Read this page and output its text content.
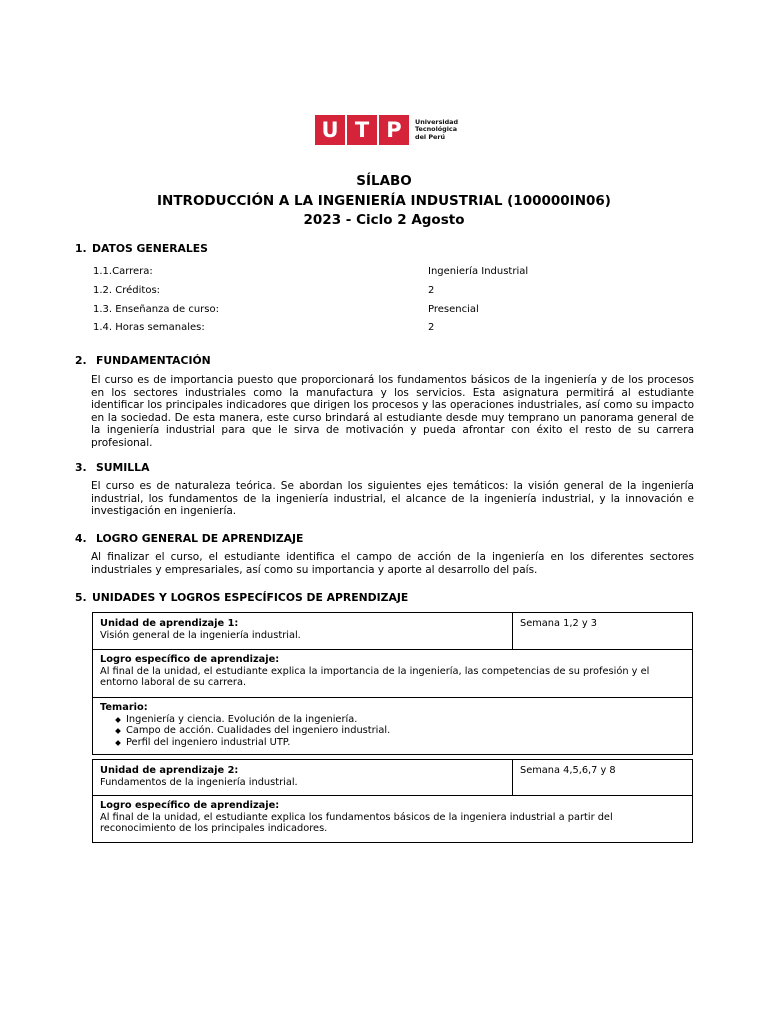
U T P	Universidad
Tecnológica
del Perú
SÍLABO
INTRODUCCIÓN A LA INGENIERÍA INDUSTRIAL (100000IN06)
2023 - Ciclo 2 Agosto
1. DATOS GENERALES
1.1.Carrera:	Ingeniería Industrial
1.2. Créditos:	2
1.3. Enseñanza de curso:	Presencial
1.4. Horas semanales:	2
2. FUNDAMENTACIÓN
El curso es de importancia puesto que proporcionará los fundamentos básicos de la ingeniería y de los procesos en los sectores industriales como la manufactura y los servicios. Esta asignatura permitirá al estudiante identificar los principales indicadores que dirigen los procesos y las operaciones industriales, así como su impacto en la sociedad. De esta manera, este curso brindará al estudiante desde muy temprano un panorama general de la ingeniería industrial para que le sirva de motivación y pueda afrontar con éxito el resto de su carrera profesional.
3. SUMILLA
El curso es de naturaleza teórica. Se abordan los siguientes ejes temáticos: la visión general de la ingeniería industrial, los fundamentos de la ingeniería industrial, el alcance de la ingeniería industrial, y la innovación e investigación en ingeniería.
4. LOGRO GENERAL DE APRENDIZAJE
Al finalizar el curso, el estudiante identifica el campo de acción de la ingeniería en los diferentes sectores industriales y empresariales, así como su importancia y aporte al desarrollo del país.
5. UNIDADES Y LOGROS ESPECÍFICOS DE APRENDIZAJE
Unidad de aprendizaje 1:
Visión general de la ingeniería industrial.
Semana 1,2 y 3
Logro específico de aprendizaje:
Al final de la unidad, el estudiante explica la importancia de la ingeniería, las competencias de su profesión y el entorno laboral de su carrera.
Temario:
Ingeniería y ciencia. Evolución de la ingeniería.
Campo de acción. Cualidades del ingeniero industrial.
Perfil del ingeniero industrial UTP.
Unidad de aprendizaje 2:
Fundamentos de la ingeniería industrial.
Semana 4,5,6,7 y 8
Logro específico de aprendizaje:
Al final de la unidad, el estudiante explica los fundamentos básicos de la ingeniera industrial a partir del reconocimiento de los principales indicadores.
